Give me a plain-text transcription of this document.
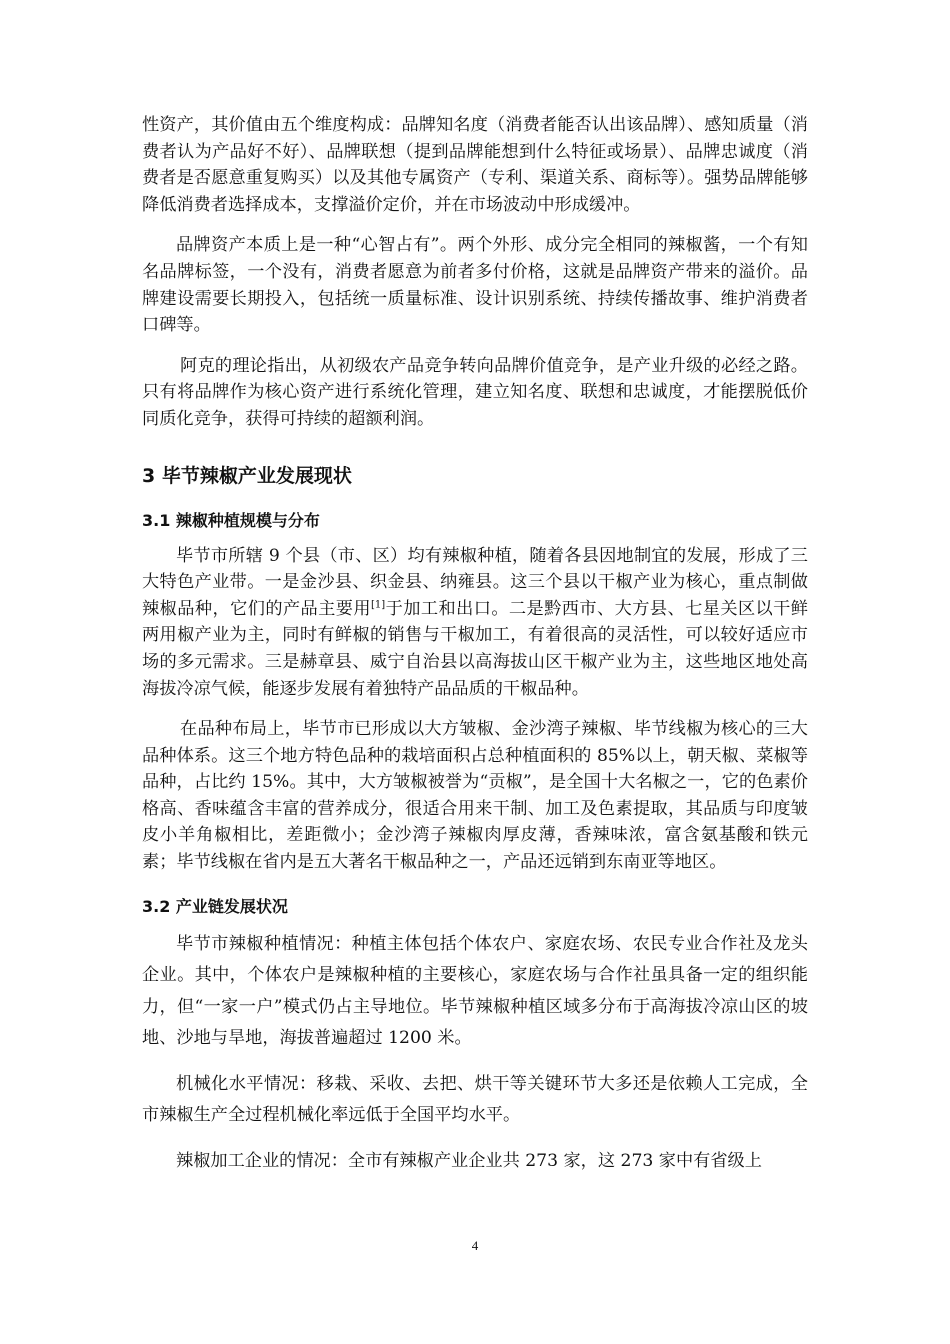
性资产，其价值由五个维度构成：品牌知名度（消费者能否认出该品牌）、感知质量（消费者认为产品好不好）、品牌联想（提到品牌能想到什么特征或场景）、品牌忠诚度（消费者是否愿意重复购买）以及其他专属资产（专利、渠道关系、商标等）。强势品牌能够降低消费者选择成本，支撑溢价定价，并在市场波动中形成缓冲。

品牌资产本质上是一种“心智占有”。两个外形、成分完全相同的辣椒酱，一个有知名品牌标签，一个没有，消费者愿意为前者多付价格，这就是品牌资产带来的溢价。品牌建设需要长期投入，包括统一质量标准、设计识别系统、持续传播故事、维护消费者口碑等。

阿克的理论指出，从初级农产品竞争转向品牌价值竞争，是产业升级的必经之路。只有将品牌作为核心资产进行系统化管理，建立知名度、联想和忠诚度，才能摆脱低价同质化竞争，获得可持续的超额利润。

3 毕节辣椒产业发展现状
3.1 辣椒种植规模与分布

毕节市所辖 9 个县（市、区）均有辣椒种植，随着各县因地制宜的发展，形成了三大特色产业带。一是金沙县、织金县、纳雍县。这三个县以干椒产业为核心，重点制做辣椒品种，它们的产品主要用[1]于加工和出口。二是黔西市、大方县、七星关区以干鲜两用椒产业为主，同时有鲜椒的销售与干椒加工，有着很高的灵活性，可以较好适应市场的多元需求。三是赫章县、威宁自治县以高海拔山区干椒产业为主，这些地区地处高海拔冷凉气候，能逐步发展有着独特产品品质的干椒品种。

在品种布局上，毕节市已形成以大方皱椒、金沙湾子辣椒、毕节线椒为核心的三大品种体系。这三个地方特色品种的栽培面积占总种植面积的 85%以上，朝天椒、菜椒等品种，占比约 15%。其中，大方皱椒被誉为“贡椒”，是全国十大名椒之一，它的色素价格高、香味蕴含丰富的营养成分，很适合用来干制、加工及色素提取，其品质与印度皱皮小羊角椒相比，差距微小；金沙湾子辣椒肉厚皮薄，香辣味浓，富含氨基酸和铁元素；毕节线椒在省内是五大著名干椒品种之一，产品还远销到东南亚等地区。

3.2 产业链发展状况

毕节市辣椒种植情况：种植主体包括个体农户、家庭农场、农民专业合作社及龙头企业。其中，个体农户是辣椒种植的主要核心，家庭农场与合作社虽具备一定的组织能力，但“一家一户”模式仍占主导地位。毕节辣椒种植区域多分布于高海拔冷凉山区的坡地、沙地与旱地，海拔普遍超过 1200 米。

机械化水平情况：移栽、采收、去把、烘干等关键环节大多还是依赖人工完成，全市辣椒生产全过程机械化率远低于全国平均水平。

辣椒加工企业的情况：全市有辣椒产业企业共 273 家，这 273 家中有省级上

4
